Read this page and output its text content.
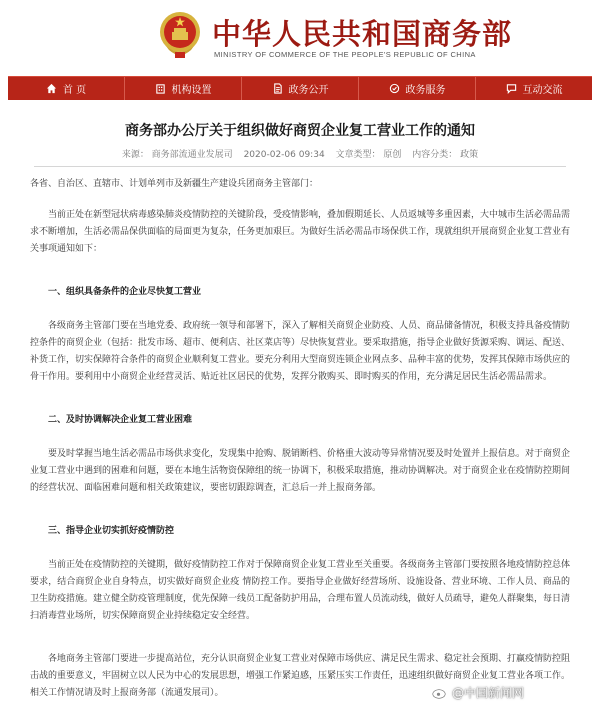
中华人民共和国商务部
MINISTRY OF COMMERCE OF THE PEOPLE'S REPUBLIC OF CHINA
首 页	机构设置	政务公开	政务服务	互动交流
商务部办公厅关于组织做好商贸企业复工营业工作的通知
来源： 商务部流通业发展司 2020-02-06 09:34 文章类型： 原创 内容分类： 政策

各省、自治区、直辖市、计划单列市及新疆生产建设兵团商务主管部门：

当前正处在新型冠状病毒感染肺炎疫情防控的关键阶段，受疫情影响，叠加假期延长、人员返城等多重因素，大中城市生活必需品需求不断增加，生活必需品保供面临的局面更为复杂，任务更加艰巨。为做好生活必需品市场保供工作，现就组织开展商贸企业复工营业有关事项通知如下：

一、组织具备条件的企业尽快复工营业

各级商务主管部门要在当地党委、政府统一领导和部署下，深入了解相关商贸企业防疫、人员、商品储备情况，积极支持具备疫情防控条件的商贸企业（包括：批发市场、超市、便利店、社区菜店等）尽快恢复营业。要采取措施，指导企业做好货源采购、调运、配送、补货工作，切实保障符合条件的商贸企业顺利复工营业。要充分利用大型商贸连锁企业网点多、品种丰富的优势，发挥其保障市场供应的骨干作用。要利用中小商贸企业经营灵活、贴近社区居民的优势，发挥分散购买、即时购买的作用，充分满足居民生活必需品需求。

二、及时协调解决企业复工营业困难

要及时掌握当地生活必需品市场供求变化，发现集中抢购、脱销断档、价格重大波动等异常情况要及时处置并上报信息。对于商贸企业复工营业中遇到的困难和问题，要在本地生活物资保障组的统一协调下，积极采取措施，推动协调解决。对于商贸企业在疫情防控期间的经营状况、面临困难问题和相关政策建议，要密切跟踪调查，汇总后一并上报商务部。

三、指导企业切实抓好疫情防控

当前正处在疫情防控的关键期，做好疫情防控工作对于保障商贸企业复工营业至关重要。各级商务主管部门要按照各地疫情防控总体要求，结合商贸企业自身特点，切实做好商贸企业疫 情防控工作。要指导企业做好经营场所、设施设备、营业环境、工作人员、商品的卫生防疫措施。建立健全防疫管理制度，优先保障一线员工配备防护用品，合理布置人员流动线，做好人员疏导，避免人群聚集，每日清扫消毒营业场所，切实保障商贸企业持续稳定安全经营。

各地商务主管部门要进一步提高站位，充分认识商贸企业复工营业对保障市场供应、满足民生需求、稳定社会预期、打赢疫情防控阻击战的重要意义，牢固树立以人民为中心的发展思想，增强工作紧迫感，压紧压实工作责任，迅速组织做好商贸企业复工营业各项工作。相关工作情况请及时上报商务部（流通发展司）。	@中国新闻网
